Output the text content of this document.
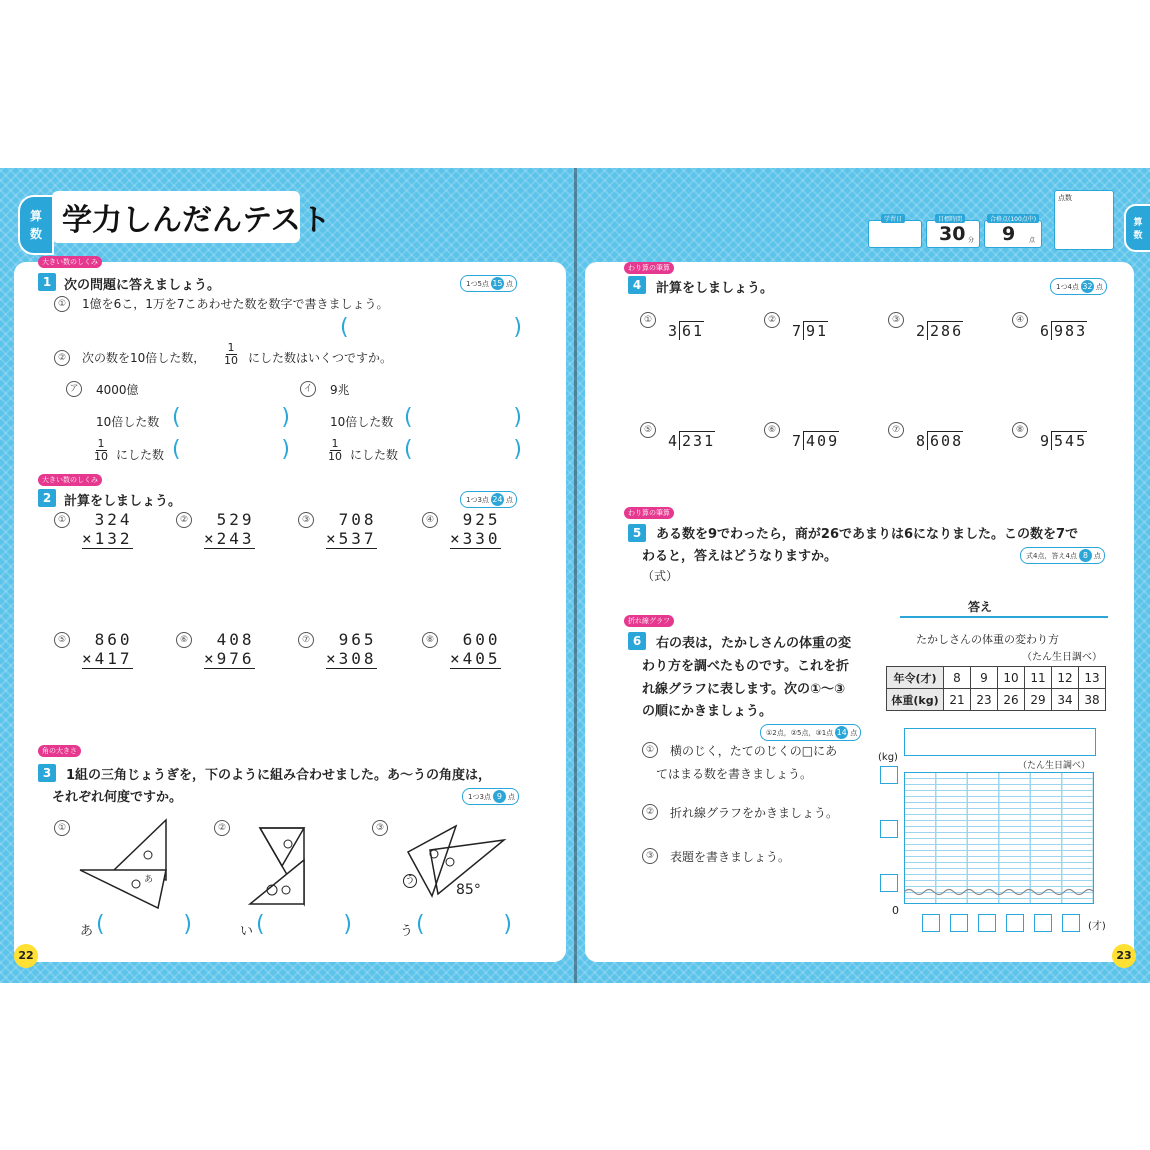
算
数 学力しんだんテスト	学習日	目標時間
30 分
合格点(100点中)
9 点
点数
算
数
大きい数のしくみ
1 次の問題に答えましょう。	1つ5点 15 点
①	1億を6こ，1万を7こあわせた数を数字で書きましょう。
(	)
②	次の数を10倍した数， $\frac{1}{10}$ にした数はいくつですか。
ア 4000億	イ 9兆
10倍した数 (	)	10倍した数 (	)
$\frac{1}{10}$ にした数 (	)	$\frac{1}{10}$ にした数 (	)
大きい数のしくみ
2 計算をしましょう。	1つ3点 24 点
①	324
×132
②	529
×243
③	708
×537
④	925
×330
⑤	860
×417
⑥	408
×976
⑦	965
×308
⑧	600
×405
角の大きさ
3	1組の三角じょうぎを，下のように組み合わせました。あ～うの角度は，
それぞれ何度ですか。	1つ3点 9 点
①
あ
あ (	)
②
い (	)
③
う
85°
う (	)
22
わり算の筆算
4	計算をしましょう。	1つ4点 32 点
①
3 61
②
7 91
③
2 286
④
6 983
⑤
4 231
⑥
7 409
⑦
8 608
⑧
9 545
わり算の筆算
5	ある数を9でわったら，商が26であまりは6になりました。この数を7で
わると，答えはどうなりますか。	式4点，答え4点 8 点
（式）
答え
折れ線グラフ
6	右の表は，たかしさんの体重の変
わり方を調べたものです。これを折
れ線グラフに表します。次の①～③
の順にかきましょう。
①2点，②5点，③1点 14 点
①	横のじく，たてのじくの□にあ
てはまる数を書きましょう。
②	折れ線グラフをかきましょう。
③	表題を書きましょう。
たかしさんの体重の変わり方
（たん生日調べ）
年令(才)	8	9	10	11	12	13
体重(kg)	21	23	26	29	34	38
(kg)
（たん生日調べ）
0
(才)
23
